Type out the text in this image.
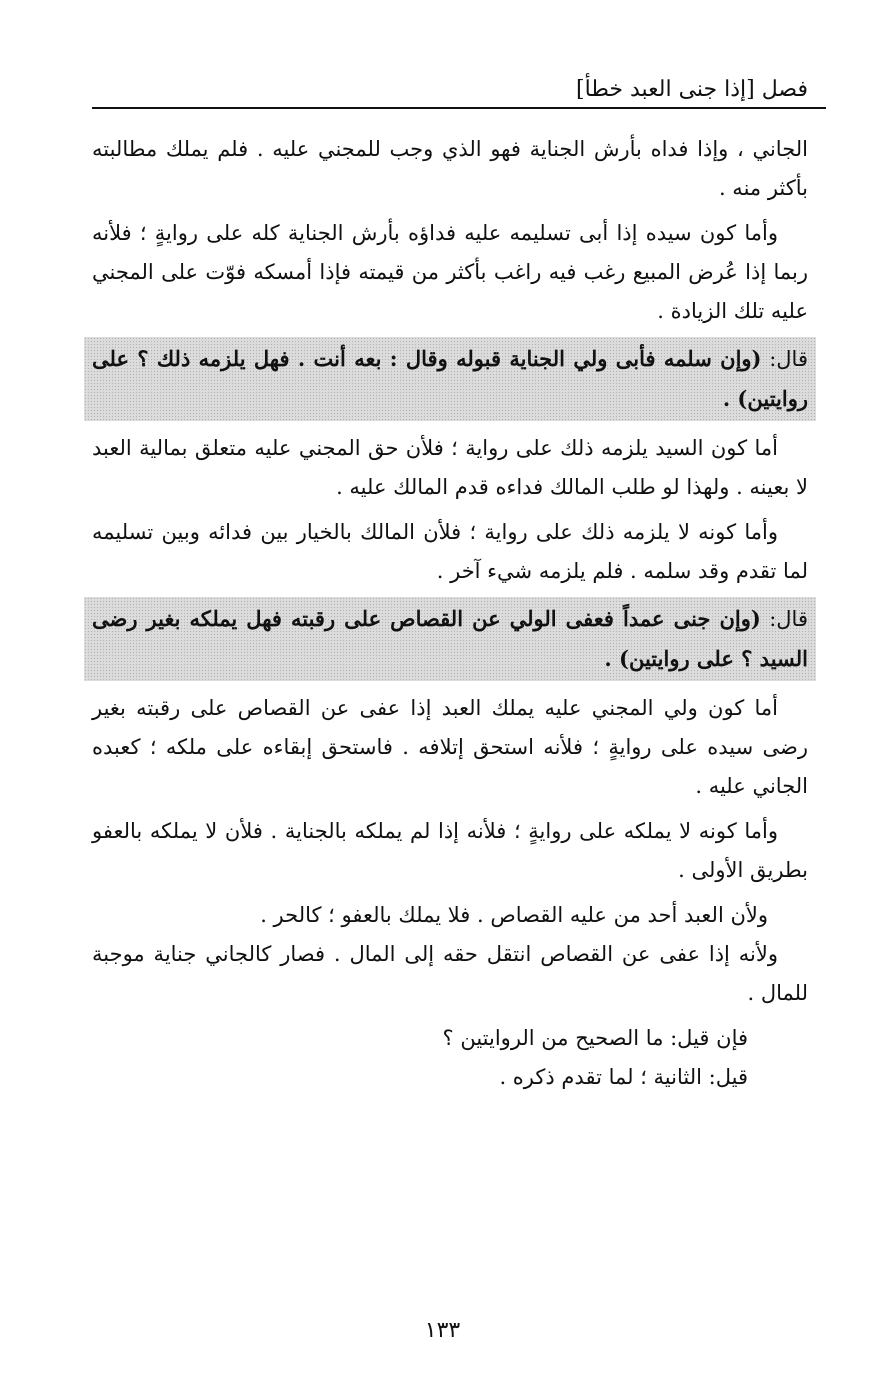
فصل [إذا جنى العبد خطأ]

الجاني ، وإذا فداه بأرش الجناية فهو الذي وجب للمجني عليه . فلم يملك مطالبته بأكثر منه .

وأما كون سيده إذا أبى تسليمه عليه فداؤه بأرش الجناية كله على روايةٍ ؛ فلأنه ربما إذا عُرض المبيع رغب فيه راغب بأكثر من قيمته فإذا أمسكه فوّت على المجني عليه تلك الزيادة .

قال: (وإن سلمه فأبى ولي الجناية قبوله وقال : بعه أنت . فهل يلزمه ذلك ؟ على روايتين) .

أما كون السيد يلزمه ذلك على رواية ؛ فلأن حق المجني عليه متعلق بمالية العبد لا بعينه . ولهذا لو طلب المالك فداءه قدم المالك عليه .

وأما كونه لا يلزمه ذلك على رواية ؛ فلأن المالك بالخيار بين فدائه وبين تسليمه لما تقدم وقد سلمه . فلم يلزمه شيء آخر .

قال: (وإن جنى عمداً فعفى الولي عن القصاص على رقبته فهل يملكه بغير رضى السيد ؟ على روايتين) .

أما كون ولي المجني عليه يملك العبد إذا عفى عن القصاص على رقبته بغير رضى سيده على روايةٍ ؛ فلأنه استحق إتلافه . فاستحق إبقاءه على ملكه ؛ كعبده الجاني عليه .

وأما كونه لا يملكه على روايةٍ ؛ فلأنه إذا لم يملكه بالجناية . فلأن لا يملكه بالعفو بطريق الأولى .

ولأن العبد أحد من عليه القصاص . فلا يملك بالعفو ؛ كالحر .

ولأنه إذا عفى عن القصاص انتقل حقه إلى المال . فصار كالجاني جناية موجبة للمال .

فإن قيل: ما الصحيح من الروايتين ؟

قيل: الثانية ؛ لما تقدم ذكره .

١٣٣
